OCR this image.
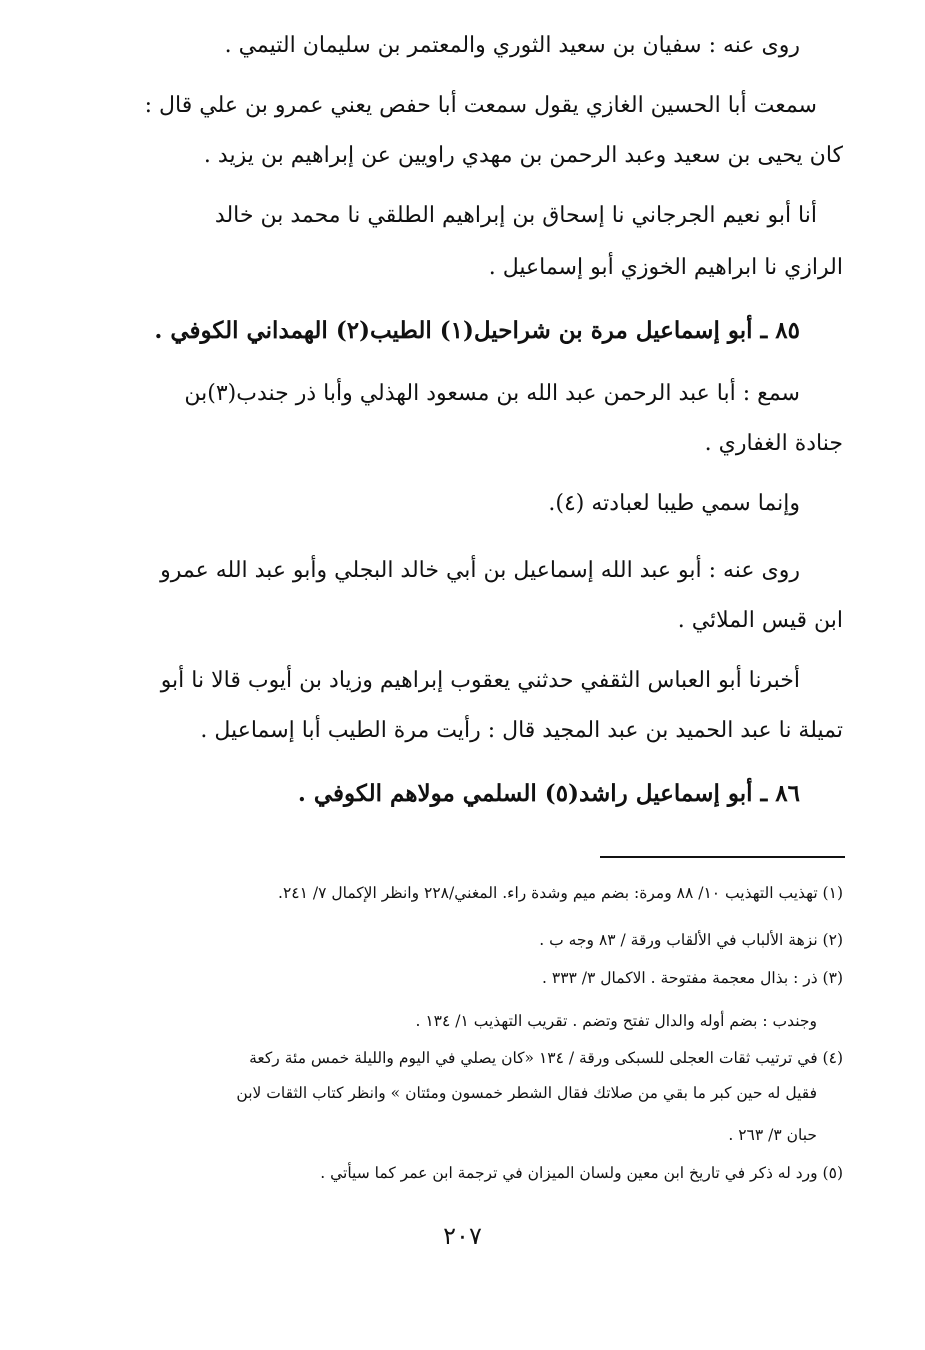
روى عنه : سفيان بن سعيد الثوري والمعتمر بن سليمان التيمي .
سمعت أبا الحسين الغازي يقول سمعت أبا حفص يعني عمرو بن علي قال :
كان يحيى بن سعيد وعبد الرحمن بن مهدي راويين عن إبراهيم بن يزيد .
أنا أبو نعيم الجرجاني نا إسحاق بن إبراهيم الطلقي نا محمد بن خالد
الرازي نا ابراهيم الخوزي أبو إسماعيل .
٨٥ ـ أبو إسماعيل مرة بن شراحيل(١) الطيب(٢) الهمداني الكوفي .
سمع : أبا عبد الرحمن عبد الله بن مسعود الهذلي وأبا ذر جندب(٣)بن
جنادة الغفاري .
وإنما سمي طيبا لعبادته (٤).
روى عنه : أبو عبد الله إسماعيل بن أبي خالد البجلي وأبو عبد الله عمرو
ابن قيس الملائي .
أخبرنا أبو العباس الثقفي حدثني يعقوب إبراهيم وزياد بن أيوب قالا نا أبو
تميلة نا عبد الحميد بن عبد المجيد قال : رأيت مرة الطيب أبا إسماعيل .
٨٦ ـ أبو إسماعيل راشد(٥) السلمي مولاهم الكوفي .
(١) تهذيب التهذيب ١٠/ ٨٨ ومرة: بضم ميم وشدة راء. المغني/٢٢٨ وانظر الإكمال ٧/ ٢٤١.
(٢) نزهة الألباب في الألقاب ورقة / ٨٣ وجه ب .
(٣) ذر : بذال معجمة مفتوحة . الاكمال ٣/ ٣٣٣ .
وجندب : بضم أوله والدال تفتح وتضم . تقريب التهذيب ١/ ١٣٤ .
(٤) في ترتيب ثقات العجلى للسبكى ورقة / ١٣٤ «كان يصلي في اليوم والليلة خمس مئة ركعة
فقيل له حين كبر ما بقي من صلاتك فقال الشطر خمسون ومئتان » وانظر كتاب الثقات لابن
حبان ٣/ ٢٦٣ .
(٥) ورد له ذكر في تاريخ ابن معين ولسان الميزان في ترجمة ابن عمر كما سيأتي .
٢٠٧
